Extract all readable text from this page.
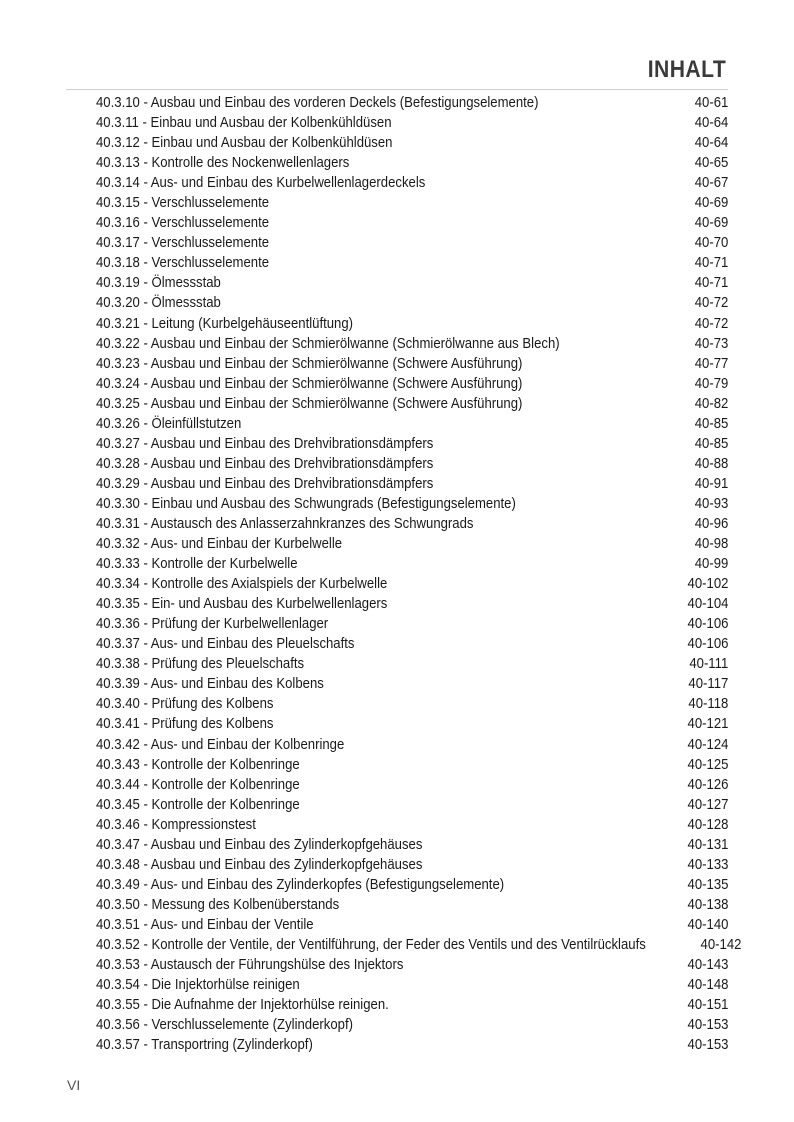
INHALT
40.3.10 - Ausbau und Einbau des vorderen Deckels (Befestigungselemente)	40-61
40.3.11 - Einbau und Ausbau der Kolbenkühldüsen	40-64
40.3.12 - Einbau und Ausbau der Kolbenkühldüsen	40-64
40.3.13 - Kontrolle des Nockenwellenlagers	40-65
40.3.14 - Aus- und Einbau des Kurbelwellenlagerdeckels	40-67
40.3.15 - Verschlusselemente	40-69
40.3.16 - Verschlusselemente	40-69
40.3.17 - Verschlusselemente	40-70
40.3.18 - Verschlusselemente	40-71
40.3.19 - Ölmessstab	40-71
40.3.20 - Ölmessstab	40-72
40.3.21 - Leitung (Kurbelgehäuseentlüftung)	40-72
40.3.22 - Ausbau und Einbau der Schmierölwanne (Schmierölwanne aus Blech)	40-73
40.3.23 - Ausbau und Einbau der Schmierölwanne (Schwere Ausführung)	40-77
40.3.24 - Ausbau und Einbau der Schmierölwanne (Schwere Ausführung)	40-79
40.3.25 - Ausbau und Einbau der Schmierölwanne (Schwere Ausführung)	40-82
40.3.26 - Öleinfüllstutzen	40-85
40.3.27 - Ausbau und Einbau des Drehvibrationsdämpfers	40-85
40.3.28 - Ausbau und Einbau des Drehvibrationsdämpfers	40-88
40.3.29 - Ausbau und Einbau des Drehvibrationsdämpfers	40-91
40.3.30 - Einbau und Ausbau des Schwungrads (Befestigungselemente)	40-93
40.3.31 - Austausch des Anlasserzahnkranzes des Schwungrads	40-96
40.3.32 - Aus- und Einbau der Kurbelwelle	40-98
40.3.33 - Kontrolle der Kurbelwelle	40-99
40.3.34 - Kontrolle des Axialspiels der Kurbelwelle	40-102
40.3.35 - Ein- und Ausbau des Kurbelwellenlagers	40-104
40.3.36 - Prüfung der Kurbelwellenlager	40-106
40.3.37 - Aus- und Einbau des Pleuelschafts	40-106
40.3.38 - Prüfung des Pleuelschafts	40-111
40.3.39 - Aus- und Einbau des Kolbens	40-117
40.3.40 - Prüfung des Kolbens	40-118
40.3.41 - Prüfung des Kolbens	40-121
40.3.42 - Aus- und Einbau der Kolbenringe	40-124
40.3.43 - Kontrolle der Kolbenringe	40-125
40.3.44 - Kontrolle der Kolbenringe	40-126
40.3.45 - Kontrolle der Kolbenringe	40-127
40.3.46 - Kompressionstest	40-128
40.3.47 - Ausbau und Einbau des Zylinderkopfgehäuses	40-131
40.3.48 - Ausbau und Einbau des Zylinderkopfgehäuses	40-133
40.3.49 - Aus- und Einbau des Zylinderkopfes (Befestigungselemente)	40-135
40.3.50 - Messung des Kolbenüberstands	40-138
40.3.51 - Aus- und Einbau der Ventile	40-140
40.3.52 - Kontrolle der Ventile, der Ventilführung, der Feder des Ventils und des Ventilrücklaufs	40-142
40.3.53 - Austausch der Führungshülse des Injektors	40-143
40.3.54 - Die Injektorhülse reinigen	40-148
40.3.55 - Die Aufnahme der Injektorhülse reinigen.	40-151
40.3.56 - Verschlusselemente (Zylinderkopf)	40-153
40.3.57 - Transportring (Zylinderkopf)	40-153
VI
